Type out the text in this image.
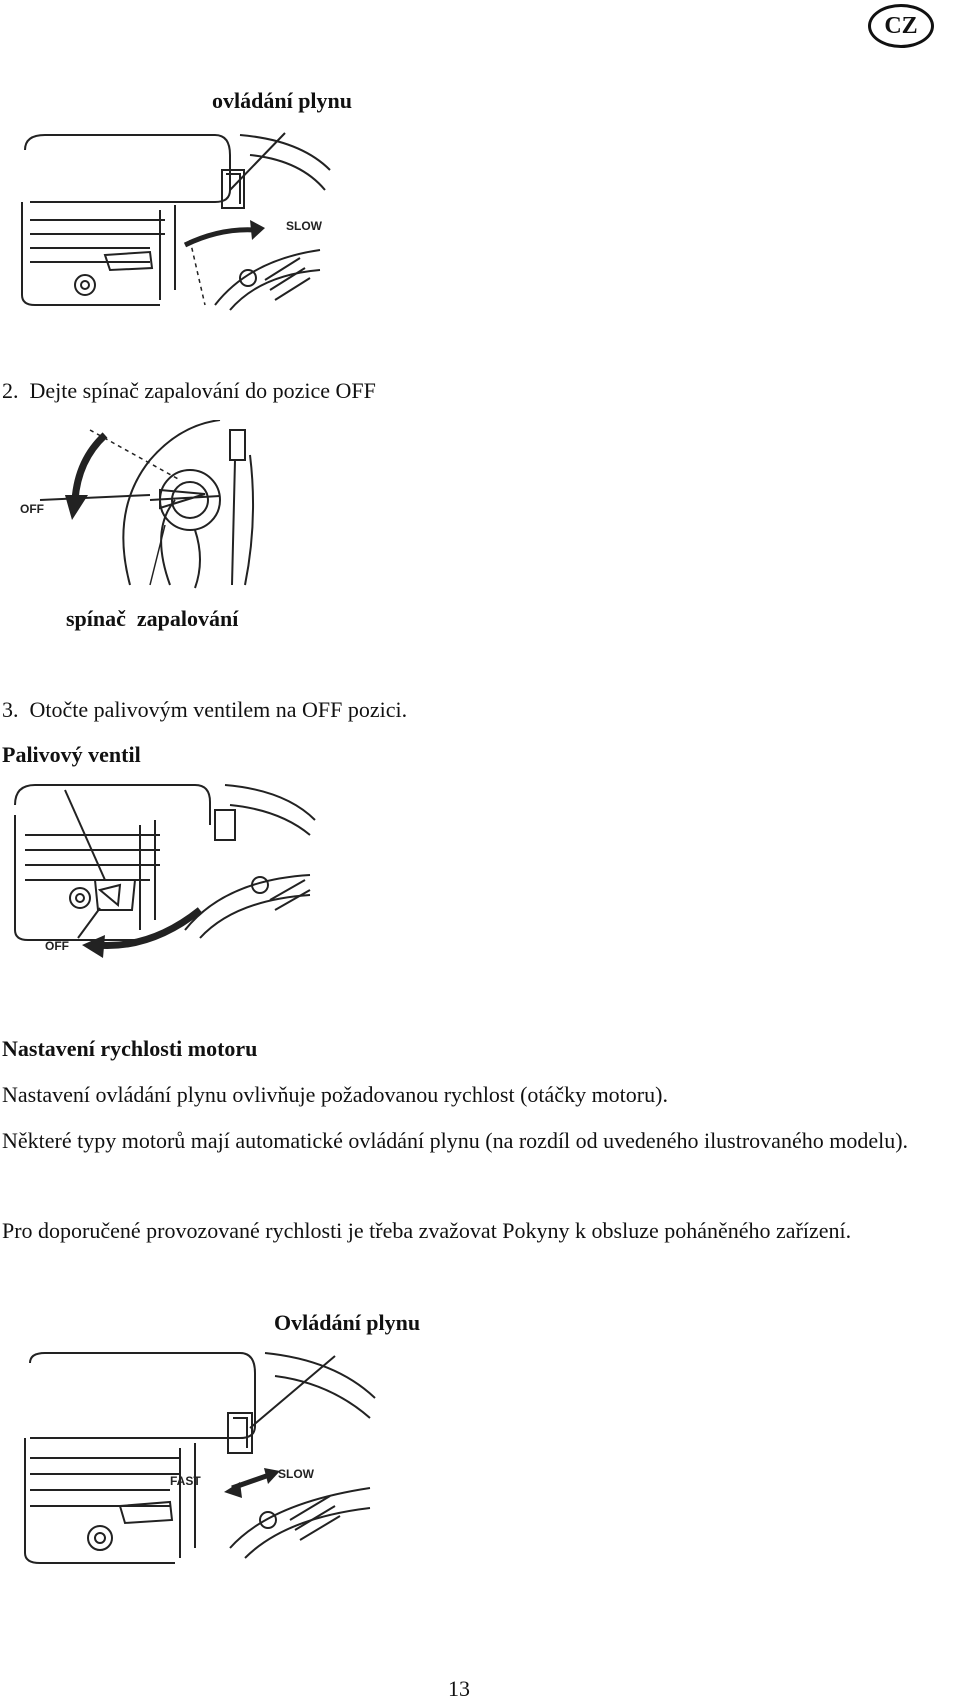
CZ
ovládání plynu
SLOW
2.  Dejte spínač zapalování do pozice OFF
OFF
spínač  zapalování
3.  Otočte palivovým ventilem na OFF pozici.
Palivový ventil
OFF
Nastavení rychlosti motoru
Nastavení ovládání plynu ovlivňuje požadovanou rychlost (otáčky motoru).
Některé typy motorů mají automatické ovládání plynu (na rozdíl od uvedeného ilustrovaného modelu).
Pro doporučené provozované rychlosti je třeba zvažovat Pokyny k obsluze poháněného zařízení.
Ovládání plynu
FAST	SLOW
13
